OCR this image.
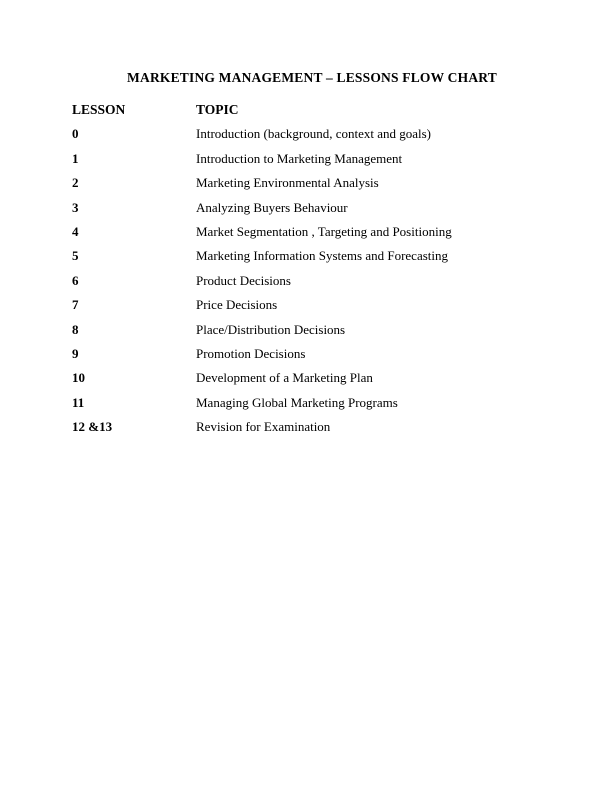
MARKETING MANAGEMENT – LESSONS FLOW CHART
LESSON	TOPIC
0	Introduction (background, context and goals)
1	Introduction to Marketing Management
2	Marketing Environmental Analysis
3	Analyzing Buyers Behaviour
4	Market Segmentation , Targeting and Positioning
5	Marketing Information Systems and Forecasting
6	Product Decisions
7	Price Decisions
8	Place/Distribution Decisions
9	Promotion Decisions
10	Development of a Marketing Plan
11	Managing Global Marketing Programs
12 &13	Revision for Examination
